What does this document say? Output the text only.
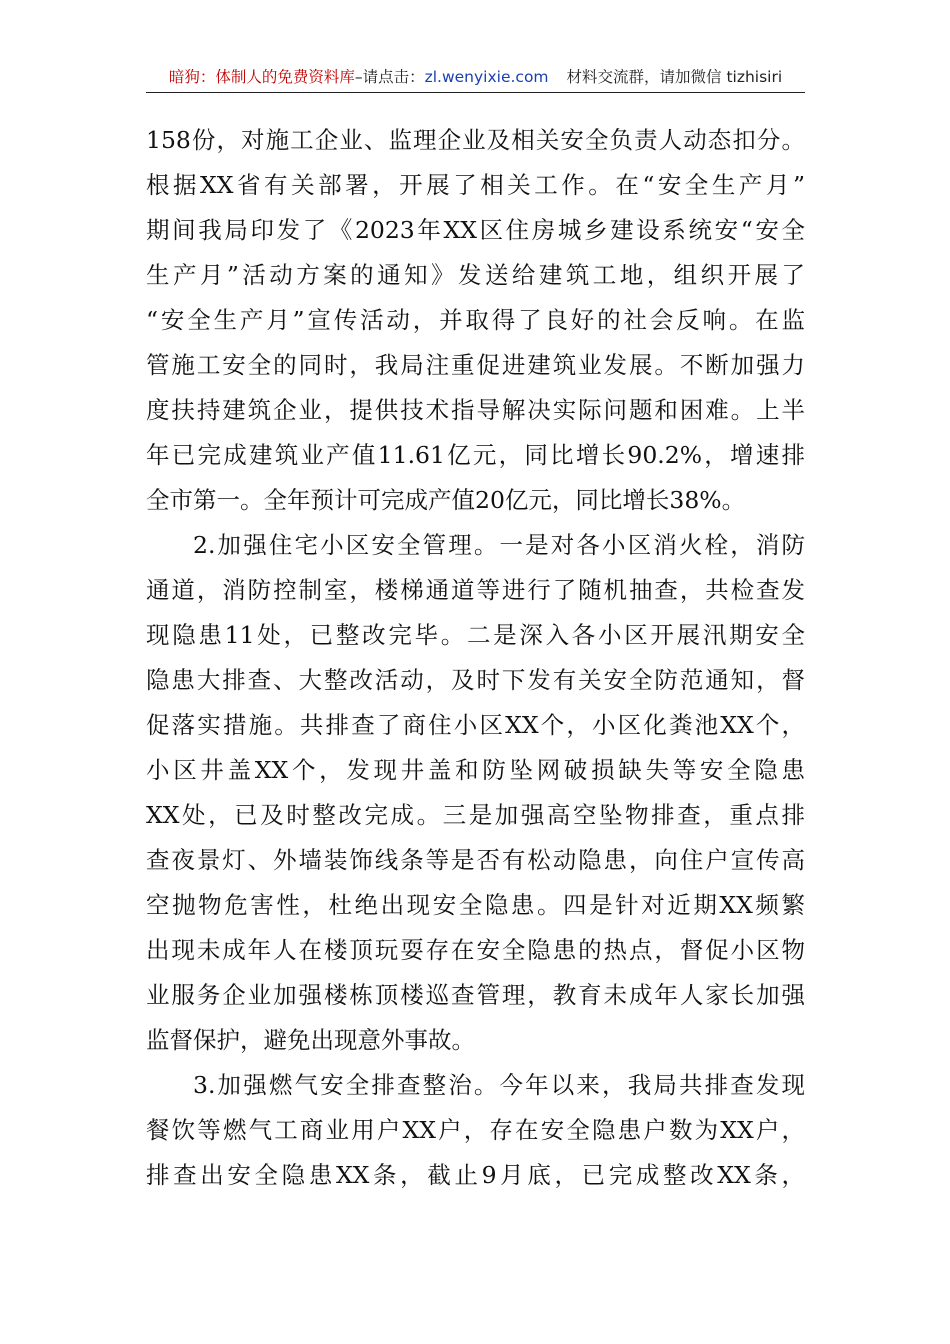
暗狗：体制人的免费资料库–请点击：zl.wenyixie.com 材料交流群，请加微信 tizhisiri
158份，对施工企业、监理企业及相关安全负责人动态扣分。
根据XX省有关部署，开展了相关工作。在“安全生产月”
期间我局印发了《2023年XX区住房城乡建设系统安“安全
生产月”活动方案的通知》发送给建筑工地，组织开展了
“安全生产月”宣传活动，并取得了良好的社会反响。在监
管施工安全的同时，我局注重促进建筑业发展。不断加强力
度扶持建筑企业，提供技术指导解决实际问题和困难。上半
年已完成建筑业产值11.61亿元，同比增长90.2%，增速排
全市第一。全年预计可完成产值20亿元，同比增长38%。
2.加强住宅小区安全管理。一是对各小区消火栓，消防
通道，消防控制室，楼梯通道等进行了随机抽查，共检查发
现隐患11处，已整改完毕。二是深入各小区开展汛期安全
隐患大排查、大整改活动，及时下发有关安全防范通知，督
促落实措施。共排查了商住小区XX个，小区化粪池XX个，
小区井盖XX个，发现井盖和防坠网破损缺失等安全隐患
XX处，已及时整改完成。三是加强高空坠物排查，重点排
查夜景灯、外墙装饰线条等是否有松动隐患，向住户宣传高
空抛物危害性，杜绝出现安全隐患。四是针对近期XX频繁
出现未成年人在楼顶玩耍存在安全隐患的热点，督促小区物
业服务企业加强楼栋顶楼巡查管理，教育未成年人家长加强
监督保护，避免出现意外事故。
3.加强燃气安全排查整治。今年以来，我局共排查发现
餐饮等燃气工商业用户XX户，存在安全隐患户数为XX户，
排查出安全隐患XX条，截止9月底，已完成整改XX条，
